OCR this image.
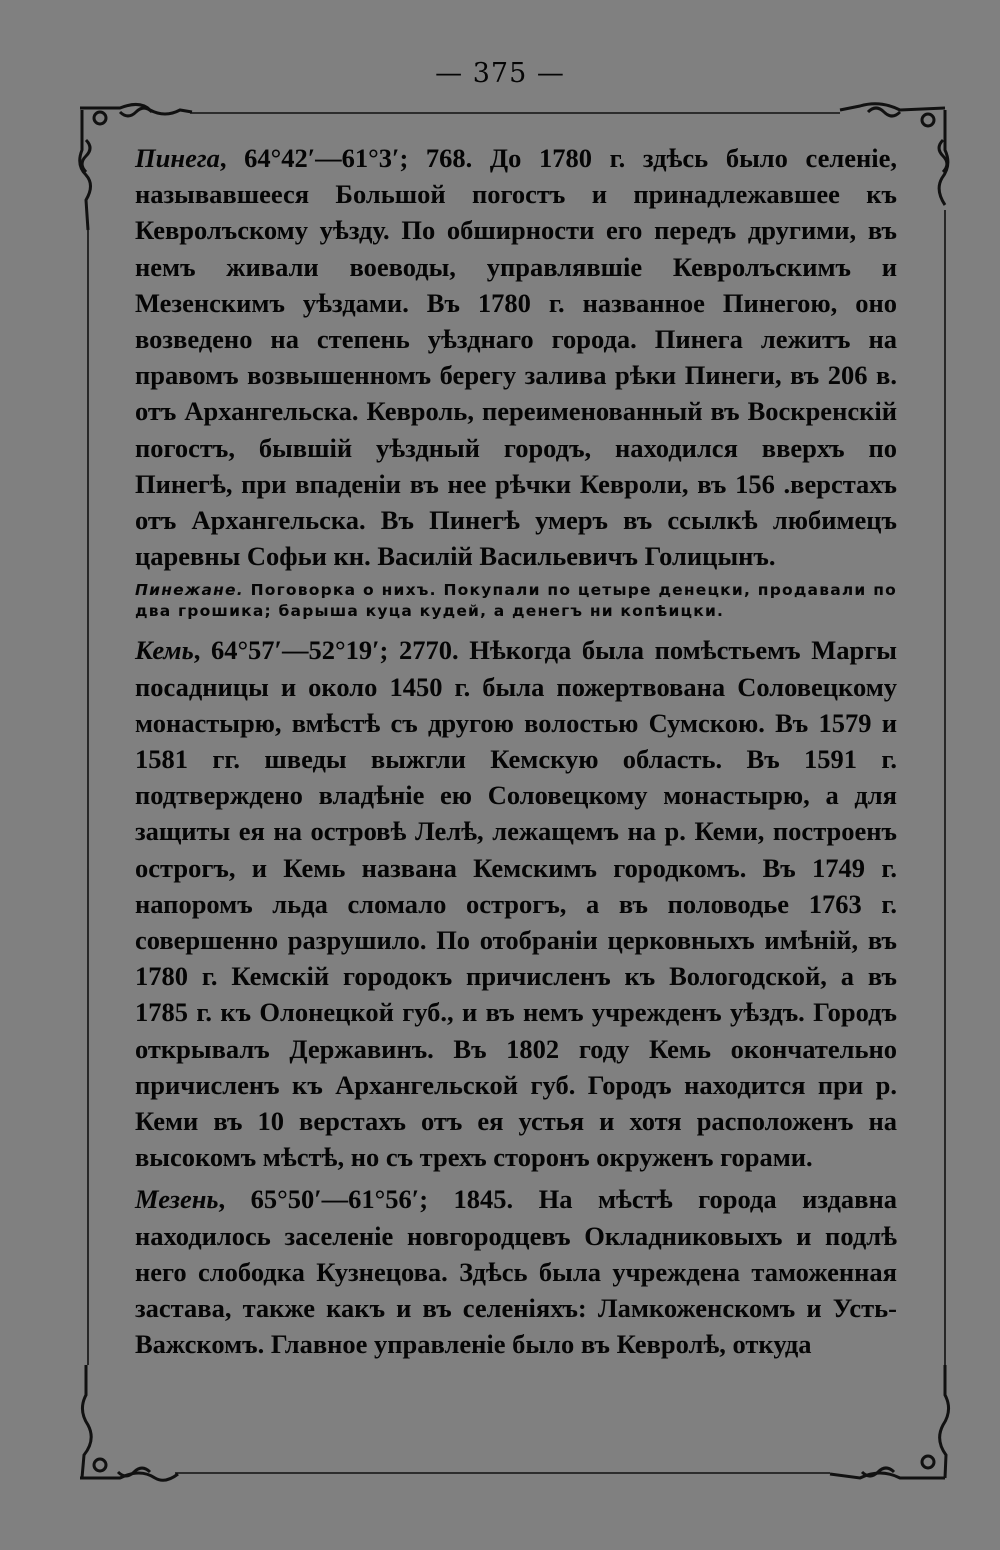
— 375 —

Пинега, 64°42′—61°3′; 768. До 1780 г. здѣсь было селеніе, называвшееся Большой погостъ и принадлежавшее къ Кевролъскому уѣзду. По обширности его передъ другими, въ немъ живали воеводы, управлявшіе Кевролъскимъ и Мезенскимъ уѣздами. Въ 1780 г. названное Пинегою, оно возведено на степень уѣзднаго города. Пинега лежитъ на правомъ возвышенномъ берегу залива рѣки Пинеги, въ 206 в. отъ Архангельска. Кевроль, переименованный въ Воскренскій погостъ, бывшій уѣздный городъ, находился вверхъ по Пинегѣ, при впаденіи въ нее рѣчки Кевроли, въ 156 .верстахъ отъ Архангельска. Въ Пинегѣ умеръ въ ссылкѣ любимецъ царевны Софьи кн. Василій Васильевичъ Голицынъ.

Пинежане. Поговорка о нихъ. Покупали по цетыре денецки, продавали по два грошика; барыша куца кудей, а денегъ ни копѣицки.

Кемь, 64°57′—52°19′; 2770. Нѣкогда была помѣстьемъ Маргы посадницы и около 1450 г. была пожертвована Соловецкому монастырю, вмѣстѣ съ другою волостью Сумскою. Въ 1579 и 1581 гг. шведы выжгли Кемскую область. Въ 1591 г. подтверждено владѣніе ею Соловецкому монастырю, а для защиты ея на островѣ Лелѣ, лежащемъ на р. Кеми, построенъ острогъ, и Кемь названа Кемскимъ городкомъ. Въ 1749 г. напоромъ льда сломало острогъ, а въ половодье 1763 г. совершенно разрушило. По отобраніи церковныхъ имѣній, въ 1780 г. Кемскій городокъ причисленъ къ Вологодской, а въ 1785 г. къ Олонецкой губ., и въ немъ учрежденъ уѣздъ. Городъ открывалъ Державинъ. Въ 1802 году Кемь окончательно причисленъ къ Архангельской губ. Городъ находится при р. Кеми въ 10 верстахъ отъ ея устья и хотя расположенъ на высокомъ мѣстѣ, но съ трехъ сторонъ окруженъ горами.

Мезень, 65°50′—61°56′; 1845. На мѣстѣ города издавна находилось заселеніе новгородцевъ Окладниковыхъ и подлѣ него слободка Кузнецова. Здѣсь была учреждена таможенная застава, также какъ и въ селеніяхъ: Ламкоженскомъ и Усть-Важскомъ. Главное управленіе было въ Кевролѣ, откуда
